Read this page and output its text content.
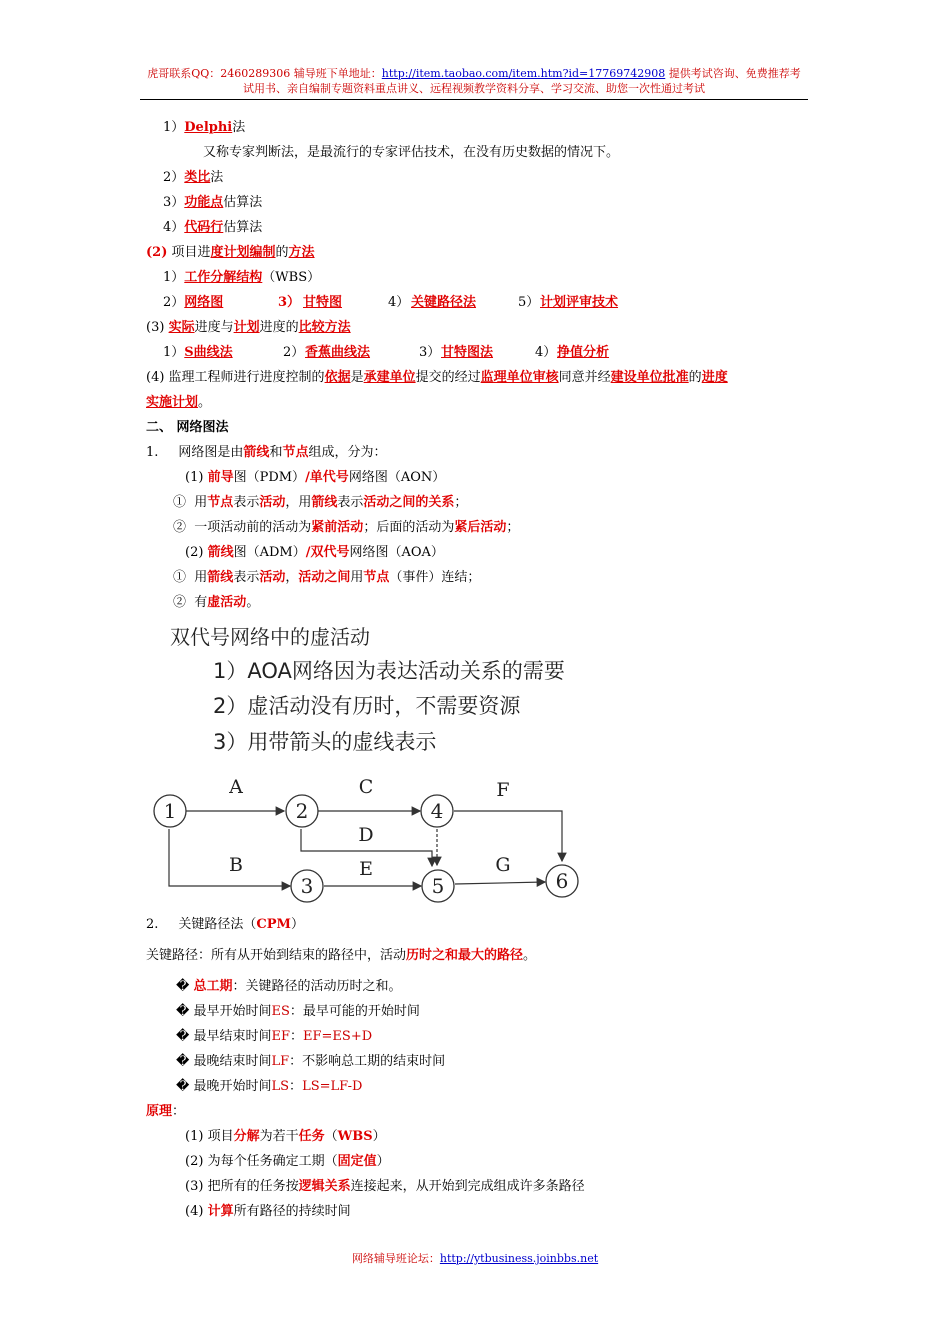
虎哥联系QQ：2460289306 辅导班下单地址：http://item.taobao.com/item.htm?id=17769742908 提供考试咨询、免费推荐考
试用书、亲自编制专题资料重点讲义、远程视频教学资料分享、学习交流、助您一次性通过考试
1）Delphi法
又称专家判断法，是最流行的专家评估技术，在没有历史数据的情况下。
2）类比法
3）功能点估算法
4）代码行估算法
(2) 项目进度计划编制的方法
1）工作分解结构（WBS）
2）网络图	3） 甘特图	4） 关键路径法	5） 计划评审技术
(3) 实际进度与计划进度的比较方法
1）S曲线法	2） 香蕉曲线法	3） 甘特图法	4） 挣值分析
(4) 监理工程师进行进度控制的依据是承建单位提交的经过监理单位审核同意并经建设单位批准的进度
实施计划。
二、 网络图法
1. 网络图是由箭线和节点组成，分为：
(1) 前导图（PDM）/单代号网络图（AON）
① 用节点表示活动，用箭线表示活动之间的关系；
② 一项活动前的活动为紧前活动；后面的活动为紧后活动；
(2) 箭线图（ADM）/双代号网络图（AOA）
① 用箭线表示活动，活动之间用节点（事件）连结；
② 有虚活动。
双代号网络中的虚活动
1）AOA网络因为表达活动关系的需要
2）虚活动没有历时，不需要资源
3）用带箭头的虚线表示
1	2
3
4
5	6
A
B
C
D
E
F
G
2. 关键路径法（CPM）
关键路径：所有从开始到结束的路径中，活动历时之和最大的路径。
� 总工期：关键路径的活动历时之和。
� 最早开始时间ES：最早可能的开始时间
� 最早结束时间EF：EF=ES+D
� 最晚结束时间LF：不影响总工期的结束时间
� 最晚开始时间LS：LS=LF-D
原理：
(1) 项目分解为若干任务（WBS）
(2) 为每个任务确定工期（固定值）
(3) 把所有的任务按逻辑关系连接起来，从开始到完成组成许多条路径
(4) 计算所有路径的持续时间
网络辅导班论坛：http://ytbusiness.joinbbs.net
